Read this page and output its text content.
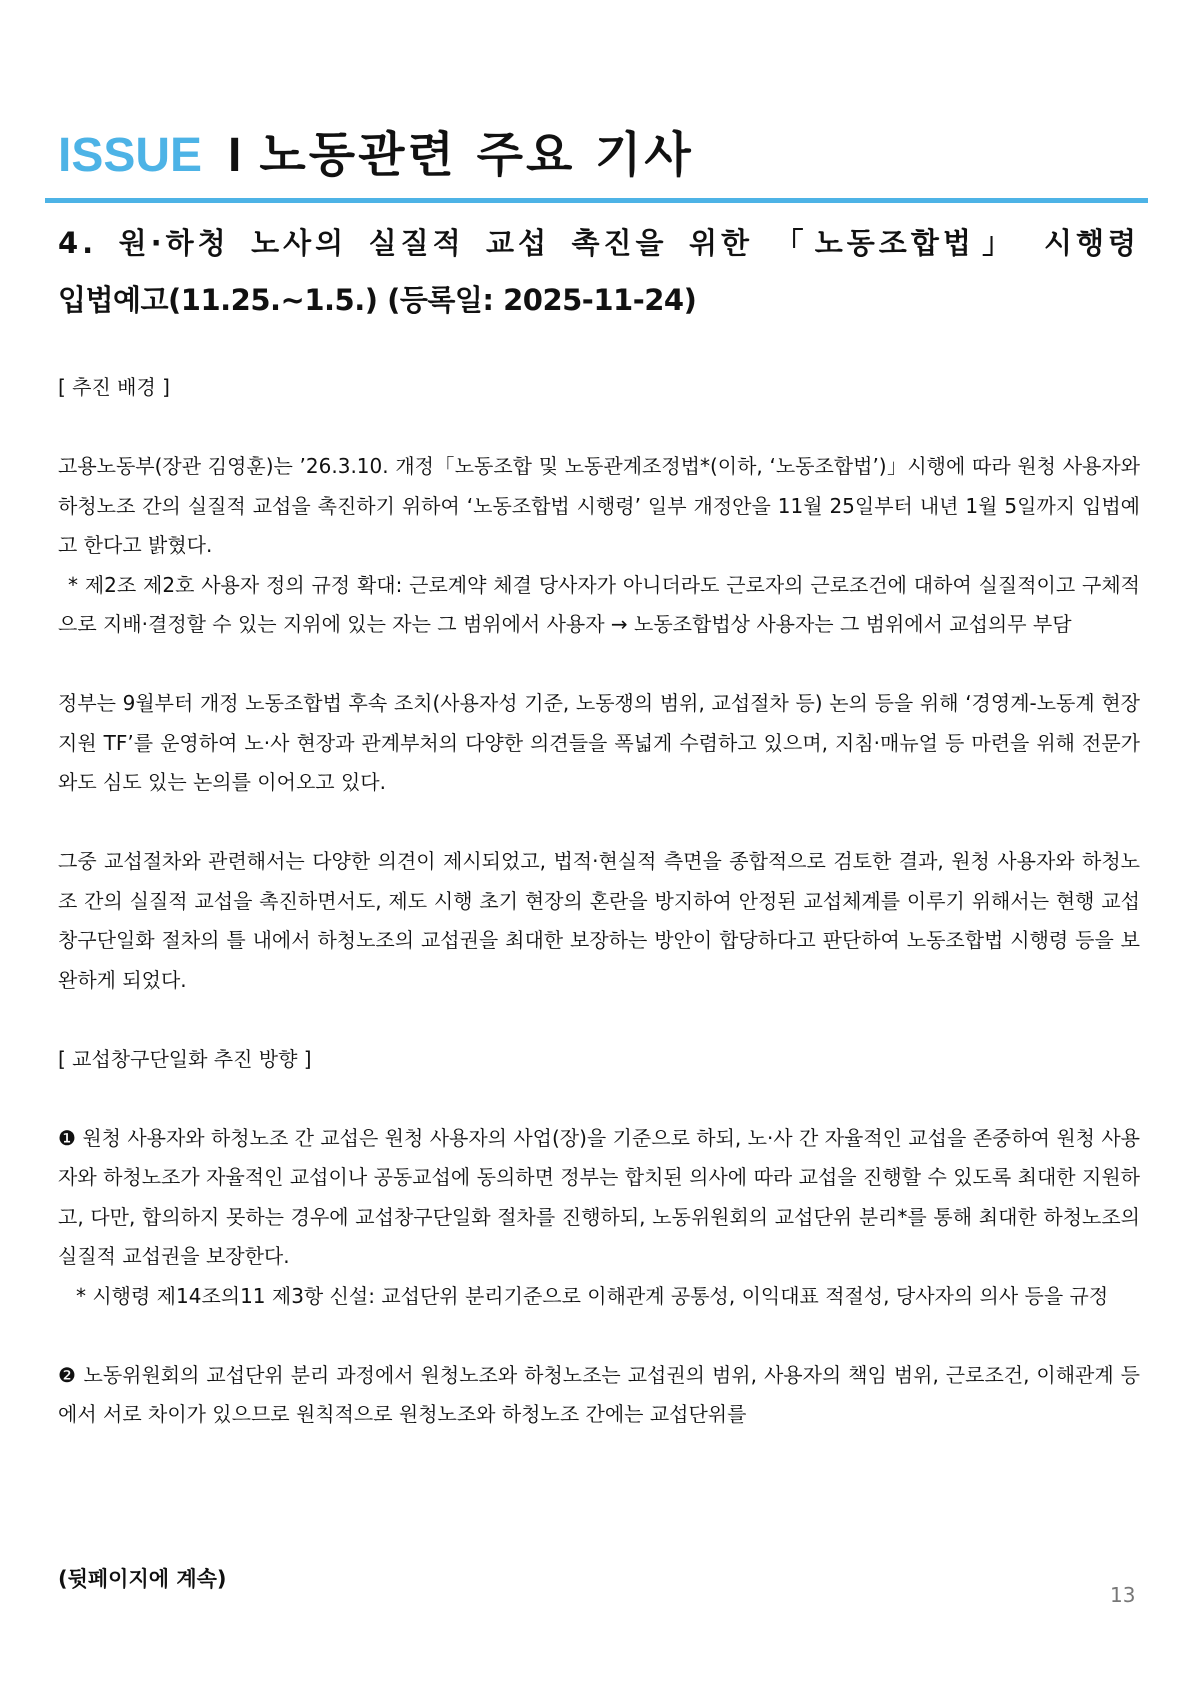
ISSUE I 노동관련 주요 기사
4. 원·하청 노사의 실질적 교섭 촉진을 위한 「노동조합법」 시행령
입법예고(11.25.~1.5.) (등록일: 2025-11-24)

[ 추진 배경 ]

고용노동부(장관 김영훈)는 ’26.3.10. 개정「노동조합 및 노동관계조정법*(이하, ‘노동조합법’)」시행에 따라 원청 사용자와 하청노조 간의 실질적 교섭을 촉진하기 위하여 ‘노동조합법 시행령’ 일부 개정안을 11월 25일부터 내년 1월 5일까지 입법예고 한다고 밝혔다.

* 제2조 제2호 사용자 정의 규정 확대: 근로계약 체결 당사자가 아니더라도 근로자의 근로조건에 대하여 실질적이고 구체적으로 지배·결정할 수 있는 지위에 있는 자는 그 범위에서 사용자 → 노동조합법상 사용자는 그 범위에서 교섭의무 부담

정부는 9월부터 개정 노동조합법 후속 조치(사용자성 기준, 노동쟁의 범위, 교섭절차 등) 논의 등을 위해 ‘경영계-노동계 현장지원 TF’를 운영하여 노·사 현장과 관계부처의 다양한 의견들을 폭넓게 수렴하고 있으며, 지침·매뉴얼 등 마련을 위해 전문가와도 심도 있는 논의를 이어오고 있다.

그중 교섭절차와 관련해서는 다양한 의견이 제시되었고, 법적·현실적 측면을 종합적으로 검토한 결과, 원청 사용자와 하청노조 간의 실질적 교섭을 촉진하면서도, 제도 시행 초기 현장의 혼란을 방지하여 안정된 교섭체계를 이루기 위해서는 현행 교섭창구단일화 절차의 틀 내에서 하청노조의 교섭권을 최대한 보장하는 방안이 합당하다고 판단하여 노동조합법 시행령 등을 보완하게 되었다.

[ 교섭창구단일화 추진 방향 ]

❶ 원청 사용자와 하청노조 간 교섭은 원청 사용자의 사업(장)을 기준으로 하되, 노·사 간 자율적인 교섭을 존중하여 원청 사용자와 하청노조가 자율적인 교섭이나 공동교섭에 동의하면 정부는 합치된 의사에 따라 교섭을 진행할 수 있도록 최대한 지원하고, 다만, 합의하지 못하는 경우에 교섭창구단일화 절차를 진행하되, 노동위원회의 교섭단위 분리*를 통해 최대한 하청노조의 실질적 교섭권을 보장한다.

* 시행령 제14조의11 제3항 신설: 교섭단위 분리기준으로 이해관계 공통성, 이익대표 적절성, 당사자의 의사 등을 규정

❷ 노동위원회의 교섭단위 분리 과정에서 원청노조와 하청노조는 교섭권의 범위, 사용자의 책임 범위, 근로조건, 이해관계 등에서 서로 차이가 있으므로 원칙적으로 원청노조와 하청노조 간에는 교섭단위를

(뒷페이지에 계속)
13
